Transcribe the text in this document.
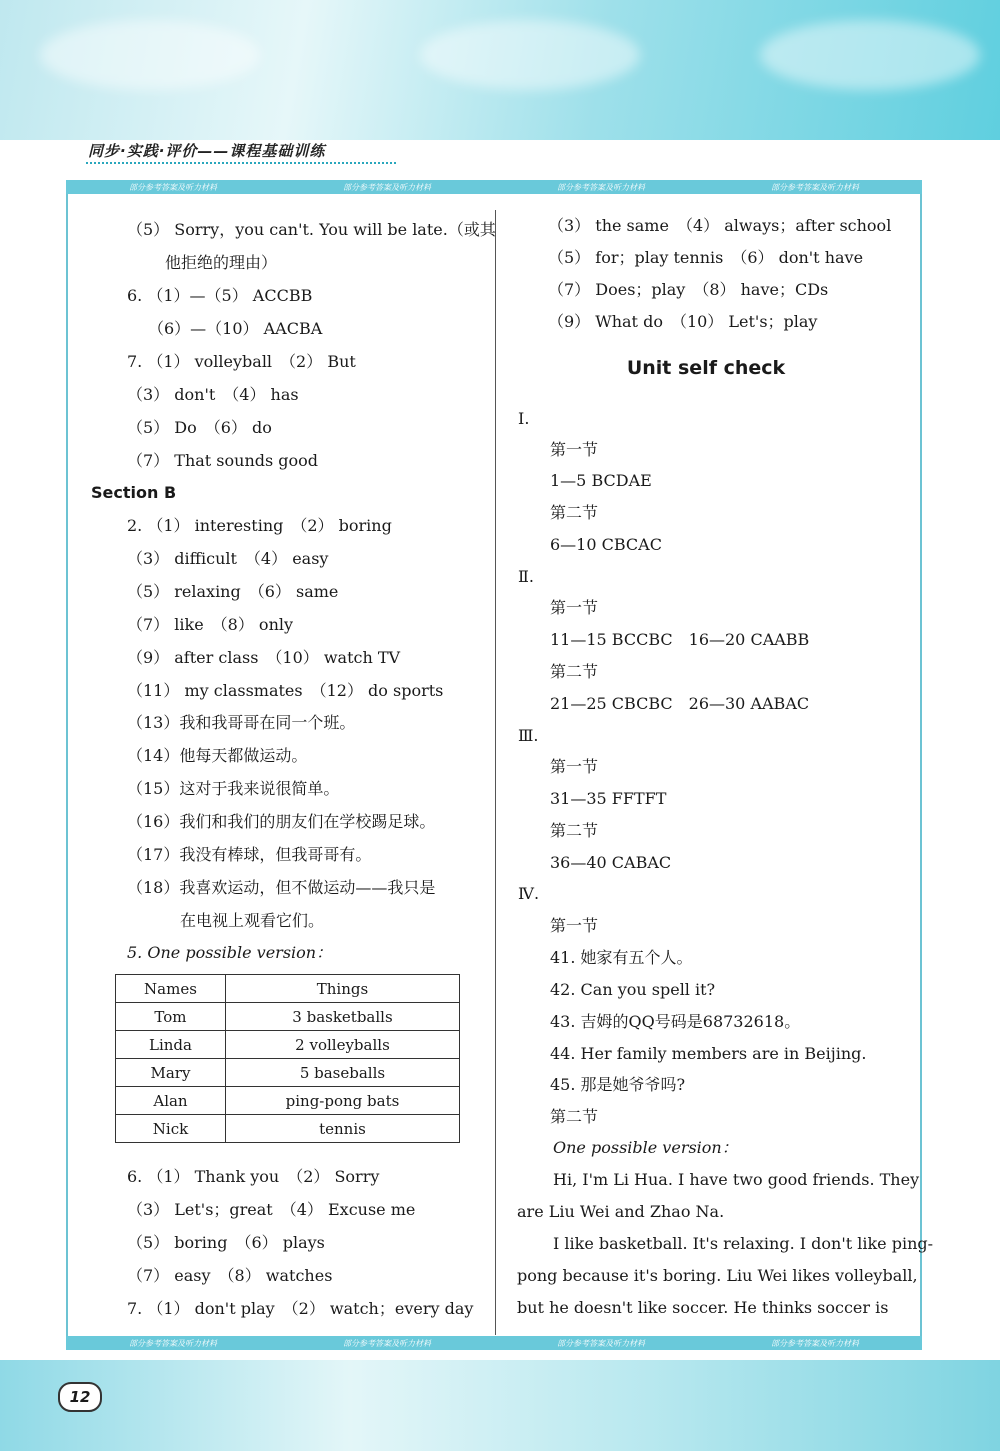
同步·实践·评价——课程基础训练
部分参考答案及听力材料	部分参考答案及听力材料	部分参考答案及听力材料	部分参考答案及听力材料
（5） Sorry，you can't. You will be late.（或其
他拒绝的理由）
6. （1）—（5） ACCBB
（6）—（10） AACBA
7. （1） volleyball　（2） But
（3） don't　（4） has
（5） Do　（6） do
（7） That sounds good
2. （1） interesting　（2） boring
（3） difficult　（4） easy
（5） relaxing　（6） same
（7） like　（8） only
（9） after class　（10） watch TV
（11） my classmates　（12） do sports
（13）我和我哥哥在同一个班。
（14）他每天都做运动。
（15）这对于我来说很简单。
（16）我们和我们的朋友们在学校踢足球。
（17）我没有棒球，但我哥哥有。
（18）我喜欢运动，但不做运动——我只是
在电视上观看它们。
6. （1） Thank you　（2） Sorry
（3） Let's；great　（4） Excuse me
（5） boring　（6） plays
（7） easy　（8） watches
7. （1） don't play　（2） watch；every day
Section B
5. One possible version：
Names	Things
Tom	3 basketballs
Linda	2 volleyballs
Mary	5 baseballs
Alan	ping-pong bats
Nick	tennis
（3） the same　（4） always；after school
（5） for；play tennis　（6） don't have
（7） Does；play　（8） have；CDs
（9） What do　（10） Let's；play
Ⅰ.
第一节
1—5 BCDAE
第二节
6—10 CBCAC
Ⅱ.
第一节
11—15 BCCBC　16—20 CAABB
第二节
21—25 CBCBC　26—30 AABAC
Ⅲ.
第一节
31—35 FFTFT
第二节
36—40 CABAC
Ⅳ.
第一节
41. 她家有五个人。
42. Can you spell it?
43. 吉姆的QQ号码是68732618。
44. Her family members are in Beijing.
45. 那是她爷爷吗?
第二节
Hi, I'm Li Hua. I have two good friends. They
are Liu Wei and Zhao Na.
I like basketball. It's relaxing. I don't like ping-
pong because it's boring. Liu Wei likes volleyball,
but he doesn't like soccer. He thinks soccer is
Unit self check
One possible version：
部分参考答案及听力材料	部分参考答案及听力材料	部分参考答案及听力材料	部分参考答案及听力材料
12
